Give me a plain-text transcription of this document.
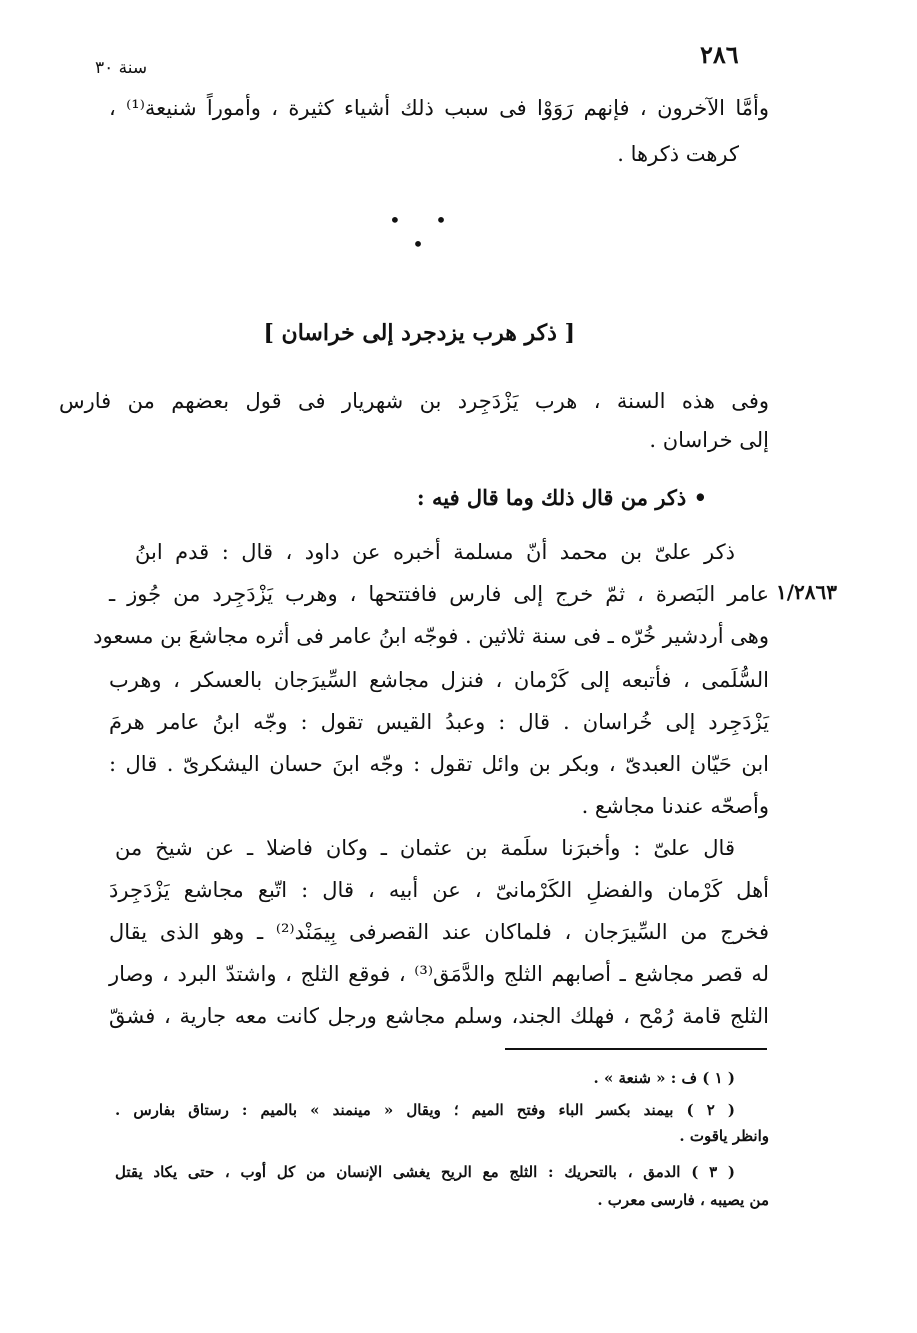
٢٨٦
سنة ٣٠
وأمَّا الآخرون ، فإنهم رَوَوْا فى سبب ذلك أشياء كثيرة ، وأموراً شنيعة⁽¹⁾ ،
كرهت ذكرها .
• • •
[ ذكر هرب يزدجرد إلى خراسان ]
وفى هذه السنة ، هرب يَزْدَجِرد بن شهريار فى قول بعضهم من فارس
إلى خراسان .
• ذكر من قال ذلك وما قال فيه :
١/٢٨٦٣
ذكر علىّ بن محمد أنّ مسلمة أخبره عن داود ، قال : قدم ابنُ
عامر البَصرة ، ثمّ خرج إلى فارس فافتتحها ، وهرب يَزْدَجِرد من جُوز ـ
وهى أردشير خُرّه ـ فى سنة ثلاثين . فوجّه ابنُ عامر فى أثره مجاشعَ بن مسعود
السُّلَمى ، فأتبعه إلى كَرْمان ، فنزل مجاشع السِّيرَجان بالعسكر ، وهرب
يَزْدَجِرد إلى خُراسان . قال : وعبدُ القيس تقول : وجّه ابنُ عامر هرمَ
ابن حَيّان العبدىّ ، وبكر بن وائل تقول : وجّه ابنَ حسان اليشكرىّ . قال :
وأصحّه عندنا مجاشع .
قال علىّ : وأخبرَنا سلَمة بن عثمان ـ وكان فاضلا ـ عن شيخ من
أهل كَرْمان والفضلِ الكَرْمانىّ ، عن أبيه ، قال : اتّبع مجاشع يَزْدَجِردَ
فخرج من السِّيرَجان ، فلماكان عند القصرفى بِيمَنْد⁽²⁾ ـ وهو الذى يقال
له قصر مجاشع ـ أصابهم الثلج والدَّمَق⁽³⁾ ، فوقع الثلج ، واشتدّ البرد ، وصار
الثلج قامة رُمْح ، فهلك الجند، وسلم مجاشع ورجل كانت معه جارية ، فشقّ
( ١ ) ف : « شنعة » .
( ٢ ) بيمند بكسر الباء وفتح الميم ؛ ويقال « مينمند » بالميم : رستاق بفارس .
وانظر ياقوت .
( ٣ ) الدمق ، بالتحريك : الثلج مع الريح يغشى الإنسان من كل أوب ، حتى يكاد يقتل
من يصيبه ، فارسى معرب .
